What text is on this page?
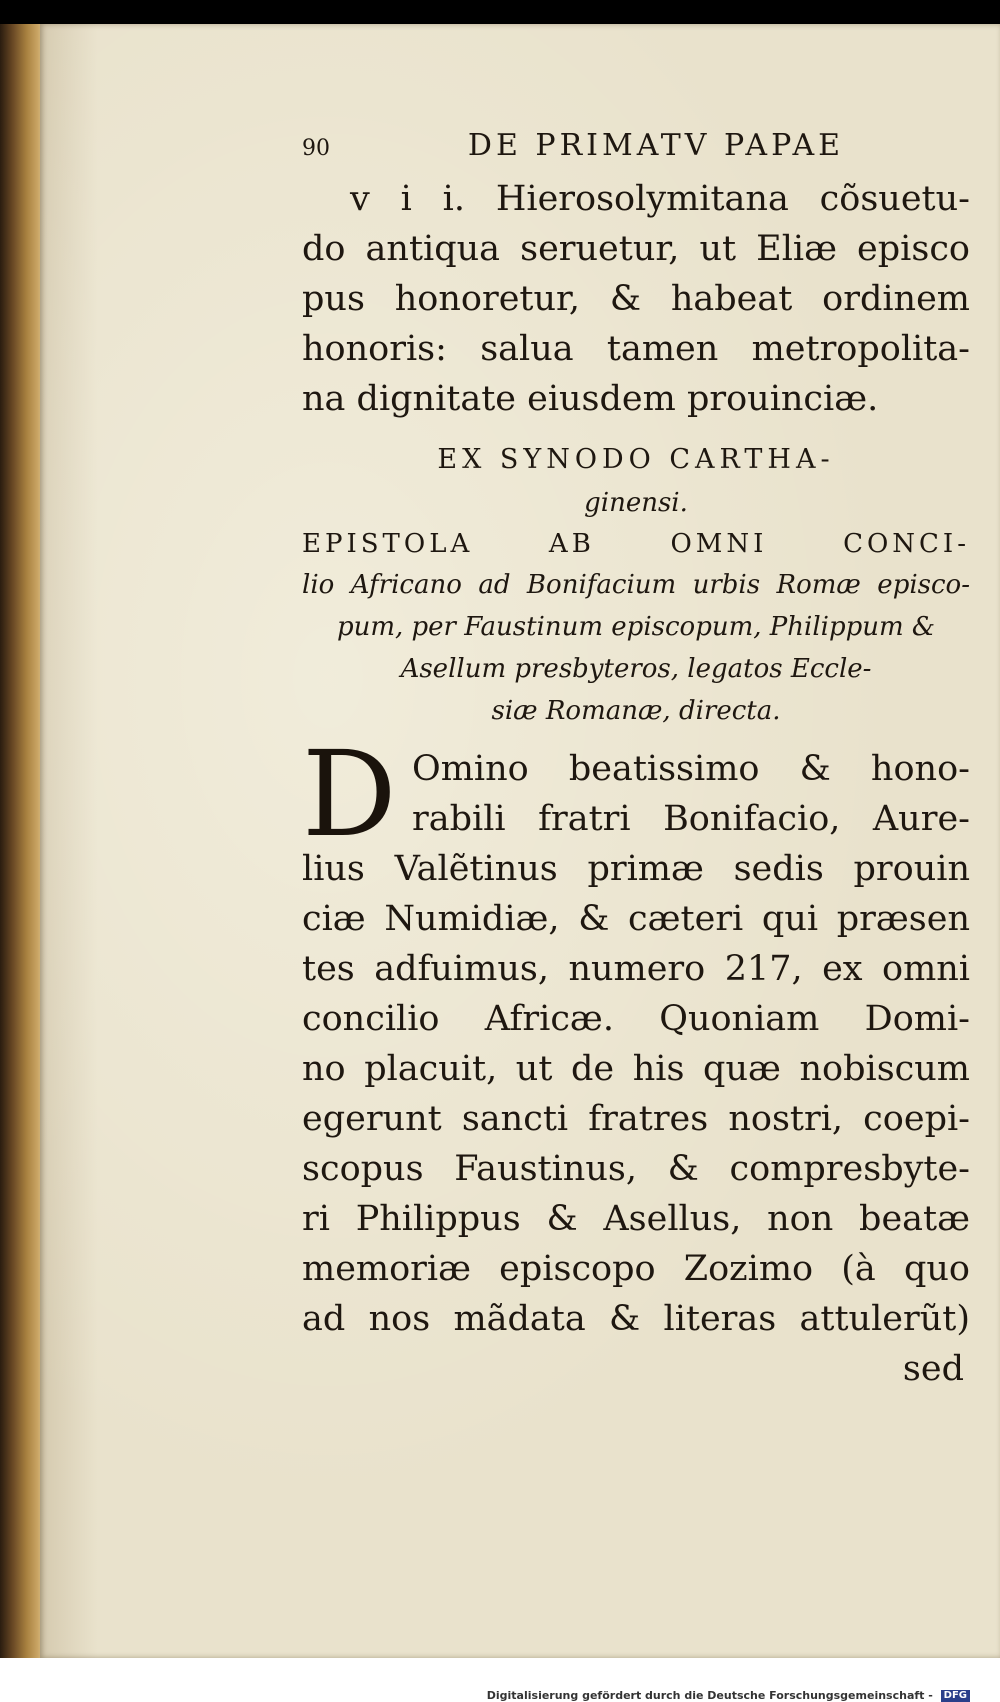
90	DE PRIMATV PAPAE
v i i. Hierosolymitana cõsuetu-
do antiqua seruetur, ut Eliæ episco
pus honoretur, & habeat ordinem
honoris: salua tamen metropolita-
na dignitate eiusdem prouinciæ.
EX SYNODO CARTHA-
ginensi.
EPISTOLA AB OMNI CONCI-
lio Africano ad Bonifacium urbis Romæ episco-
pum, per Faustinum episcopum, Philippum &
Asellum presbyteros, legatos Eccle-
siæ Romanæ, directa.
D Omino beatissimo & hono-
rabili fratri Bonifacio, Aure-
lius Valẽtinus primæ sedis prouin
ciæ Numidiæ, & cæteri qui præsen
tes adfuimus, numero 217, ex omni
concilio Africæ. Quoniam Domi-
no placuit, ut de his quæ nobiscum
egerunt sancti fratres nostri, coepi-
scopus Faustinus, & compresbyte-
ri Philippus & Asellus, non beatæ
memoriæ episcopo Zozimo (à quo
ad nos mãdata & literas attulerũt)
sed
Digitalisierung gefördert durch die Deutsche Forschungsgemeinschaft - DFG
